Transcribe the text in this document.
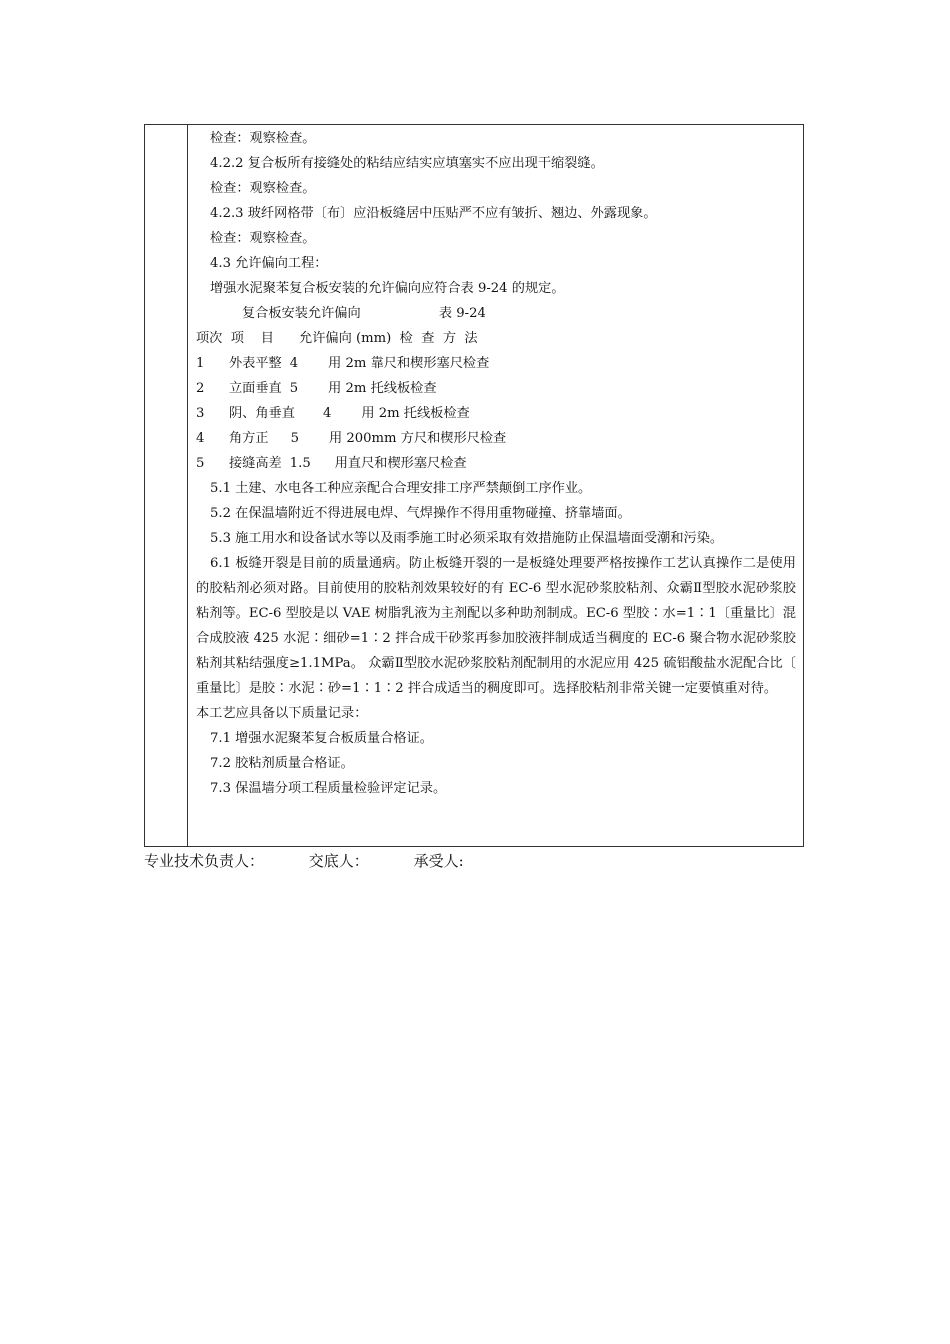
检查：观察检查。
4.2.2 复合板所有接缝处的粘结应结实应填塞实不应出现干缩裂缝。
检查：观察检查。
4.2.3 玻纤网格带〔布〕应沿板缝居中压贴严不应有皱折、翘边、外露现象。
检查：观察检查。
4.3 允许偏向工程：
增强水泥聚苯复合板安装的允许偏向应符合表 9-24 的规定。
复合板安装允许偏向	表 9-24
项次  项    目      允许偏向 (mm)  检  查  方  法
1 外表平整 4 用 2m 靠尺和楔形塞尺检查
2 立面垂直 5 用 2m 托线板检查
3 阴、角垂直 4 用 2m 托线板检查
4 角方正 5 用 200mm 方尺和楔形尺检查
5 接缝高差 1.5 用直尺和楔形塞尺检查
5.1 土建、水电各工种应亲配合合理安排工序严禁颠倒工序作业。
5.2 在保温墙附近不得进展电焊、气焊操作不得用重物碰撞、挤靠墙面。
5.3 施工用水和设备试水等以及雨季施工时必须采取有效措施防止保温墙面受潮和污染。
6.1 板缝开裂是目前的质量通病。防止板缝开裂的一是板缝处理要严格按操作工艺认真操作二是使用的胶粘剂必须对路。目前使用的胶粘剂效果较好的有 EC-6 型水泥砂浆胶粘剂、众霸Ⅱ型胶水泥砂浆胶粘剂等。EC-6 型胶是以 VAE 树脂乳液为主剂配以多种助剂制成。EC-6 型胶∶水=1∶1〔重量比〕混合成胶液 425 水泥∶细砂=1∶2 拌合成干砂浆再参加胶液拌制成适当稠度的 EC-6 聚合物水泥砂浆胶粘剂其粘结强度≥1.1MPa。 众霸Ⅱ型胶水泥砂浆胶粘剂配制用的水泥应用 425 硫铝酸盐水泥配合比〔重量比〕是胶∶水泥∶砂=1∶1∶2 拌合成适当的稠度即可。选择胶粘剂非常关键一定要慎重对待。
本工艺应具备以下质量记录：
7.1 增强水泥聚苯复合板质量合格证。
7.2 胶粘剂质量合格证。
7.3 保温墙分项工程质量检验评定记录。
专业技术负责人：	交底人：	承受人:
